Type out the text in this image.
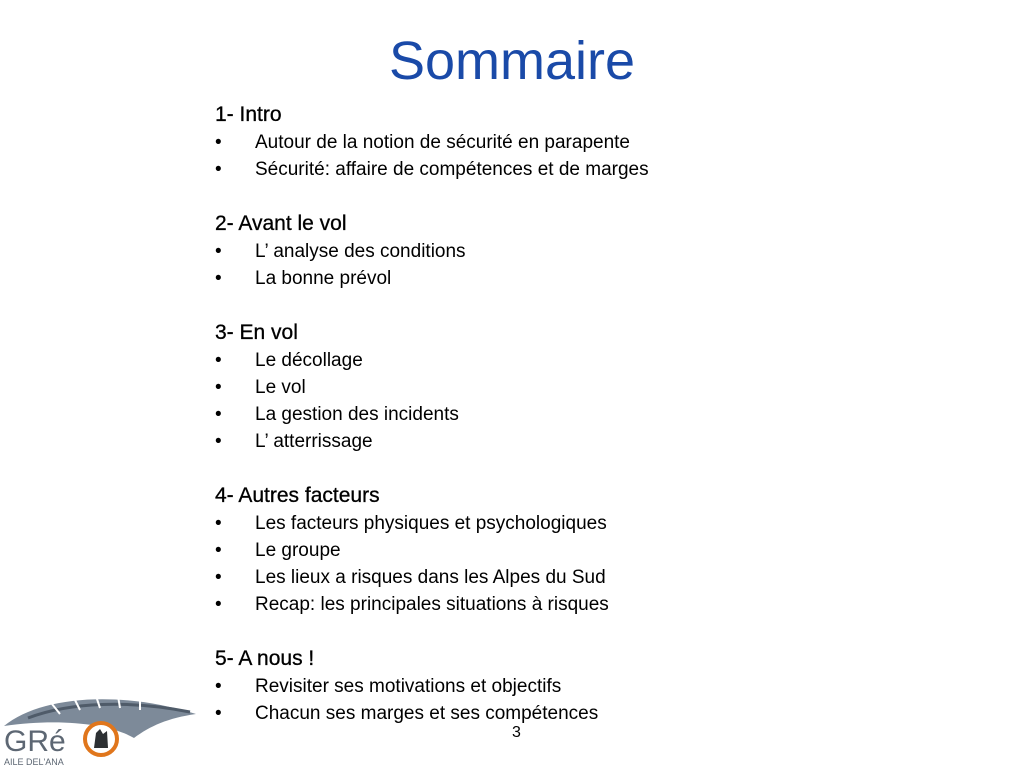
Sommaire
1- Intro
• Autour de la notion de sécurité en parapente
• Sécurité: affaire de compétences et de marges
2- Avant le vol
• L’ analyse des conditions
• La bonne prévol
3- En vol
• Le décollage
• Le vol
• La gestion des incidents
• L’ atterrissage
4- Autres facteurs
• Les facteurs physiques et psychologiques
• Le groupe
• Les lieux a risques dans les Alpes du Sud
• Recap: les principales situations à risques
5- A nous !
• Revisiter ses motivations et objectifs
• Chacun ses marges et ses compétences
GRé
AILE DEL'ANA
3
